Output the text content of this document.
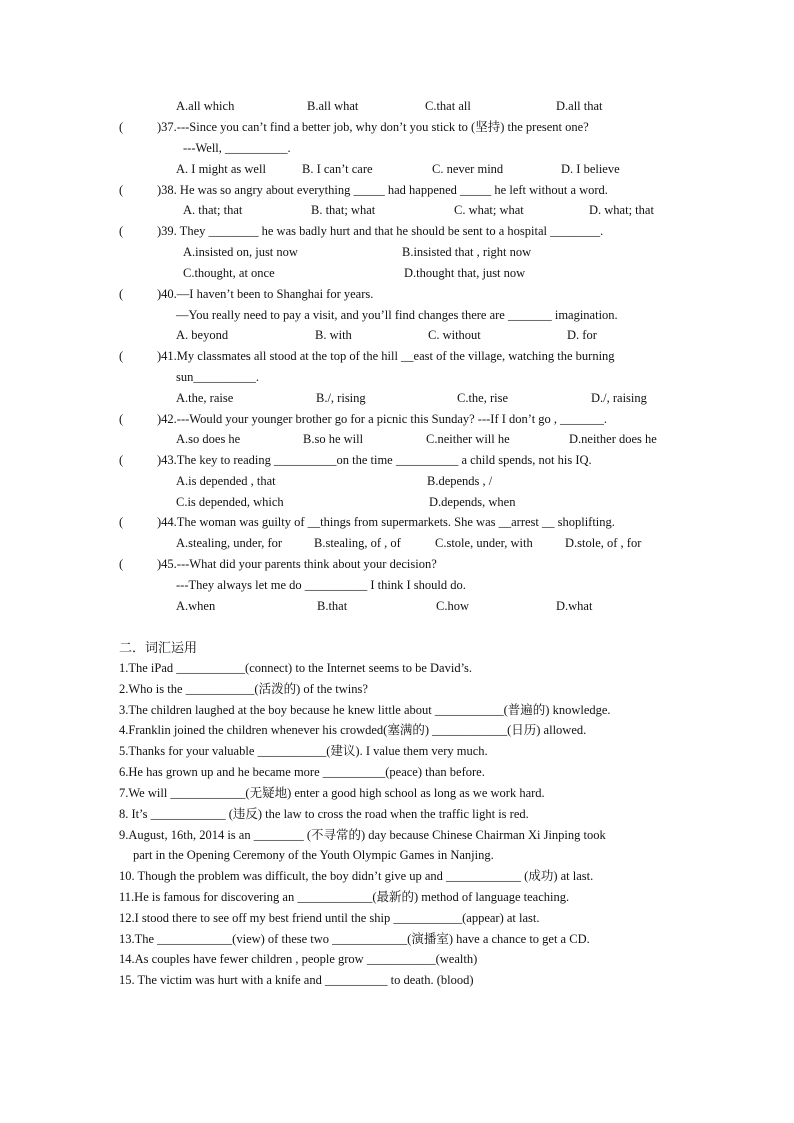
A.all which	B.all what	C.that all	D.all that
(	)37.---Since you can’t find a better job, why don’t you stick to (坚持) the present one?
---Well, __________.
A. I might as well	B. I can’t care	C. never mind	D. I believe
(	)38. He was so angry about everything _____ had happened _____ he left without a word.
A. that; that	B. that; what	C. what; what	D. what; that
(	)39. They ________ he was badly hurt and that he should be sent to a hospital ________.
A.insisted on, just now	B.insisted that , right now
C.thought, at once	D.thought that, just now
(	)40.—I haven’t been to Shanghai for years.
—You really need to pay a visit, and you’ll find changes there are _______ imagination.
A. beyond	B. with	C. without	D. for
(	)41.My classmates all stood at the top of the hill __east of the village, watching the burning
sun__________.
A.the, raise	B./, rising	C.the, rise	D./, raising
(	)42.---Would your younger brother go for a picnic this Sunday? ---If I don’t go , _______.
A.so does he	B.so he will	C.neither will he	D.neither does he
(	)43.The key to reading __________on the time __________ a child spends, not his IQ.
A.is depended , that	B.depends , /
C.is depended, which	D.depends, when
(	)44.The woman was guilty of __things from supermarkets. She was __arrest __ shoplifting.
A.stealing, under, for	B.stealing, of , of	C.stole, under, with	D.stole, of , for
(	)45.---What did your parents think about your decision?
---They always let me do __________ I think I should do.
A.when	B.that	C.how	D.what
二．词汇运用
1.The iPad ___________(connect) to the Internet seems to be David’s.
2.Who is the ___________(活泼的) of the twins?
3.The children laughed at the boy because he knew little about ___________(普遍的) knowledge.
4.Franklin joined the children whenever his crowded(塞满的) ____________(日历) allowed.
5.Thanks for your valuable ___________(建议). I value them very much.
6.He has grown up and he became more __________(peace) than before.
7.We will ____________(无疑地) enter a good high school as long as we work hard.
8. It’s ____________ (违反) the law to cross the road when the traffic light is red.
9.August, 16th, 2014 is an ________ (不寻常的) day because Chinese Chairman Xi Jinping took
part in the Opening Ceremony of the Youth Olympic Games in Nanjing.
10. Though the problem was difficult, the boy didn’t give up and ____________ (成功) at last.
11.He is famous for discovering an ____________(最新的) method of language teaching.
12.I stood there to see off my best friend until the ship ___________(appear) at last.
13.The ____________(view) of these two ____________(演播室) have a chance to get a CD.
14.As couples have fewer children , people grow ___________(wealth)
15. The victim was hurt with a knife and __________ to death. (blood)
